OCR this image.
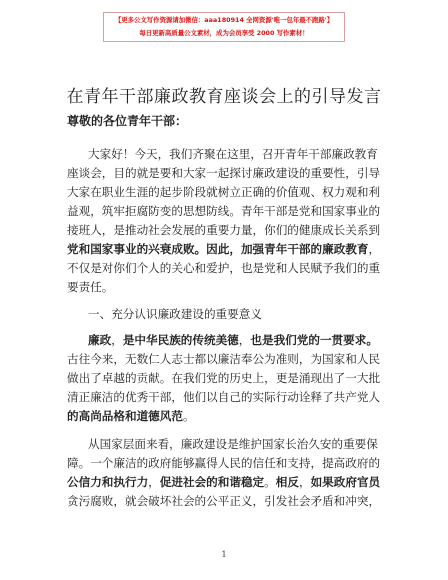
【更多公文写作资源请加微信：aaa180914 全网资源'唯一包年最不跑路'】
每日更新高质量公文素材，成为会员享受 2000 写作素材！
在青年干部廉政教育座谈会上的引导发言
尊敬的各位青年干部：
大家好！今天，我们齐聚在这里，召开青年干部廉政教育
座谈会，目的就是要和大家一起探讨廉政建设的重要性，引导
大家在职业生涯的起步阶段就树立正确的价值观、权力观和利
益观，筑牢拒腐防变的思想防线。青年干部是党和国家事业的
接班人，是推动社会发展的重要力量，你们的健康成长关系到
党和国家事业的兴衰成败。因此，加强青年干部的廉政教育，
不仅是对你们个人的关心和爱护，也是党和人民赋予我们的重
要责任。
一、充分认识廉政建设的重要意义
廉政，是中华民族的传统美德，也是我们党的一贯要求。
古往今来，无数仁人志士都以廉洁奉公为准则，为国家和人民
做出了卓越的贡献。在我们党的历史上，更是涌现出了一大批
清正廉洁的优秀干部，他们以自己的实际行动诠释了共产党人
的高尚品格和道德风范。
从国家层面来看，廉政建设是维护国家长治久安的重要保
障。一个廉洁的政府能够赢得人民的信任和支持，提高政府的
公信力和执行力，促进社会的和谐稳定。相反，如果政府官员
贪污腐败，就会破坏社会的公平正义，引发社会矛盾和冲突，
1
